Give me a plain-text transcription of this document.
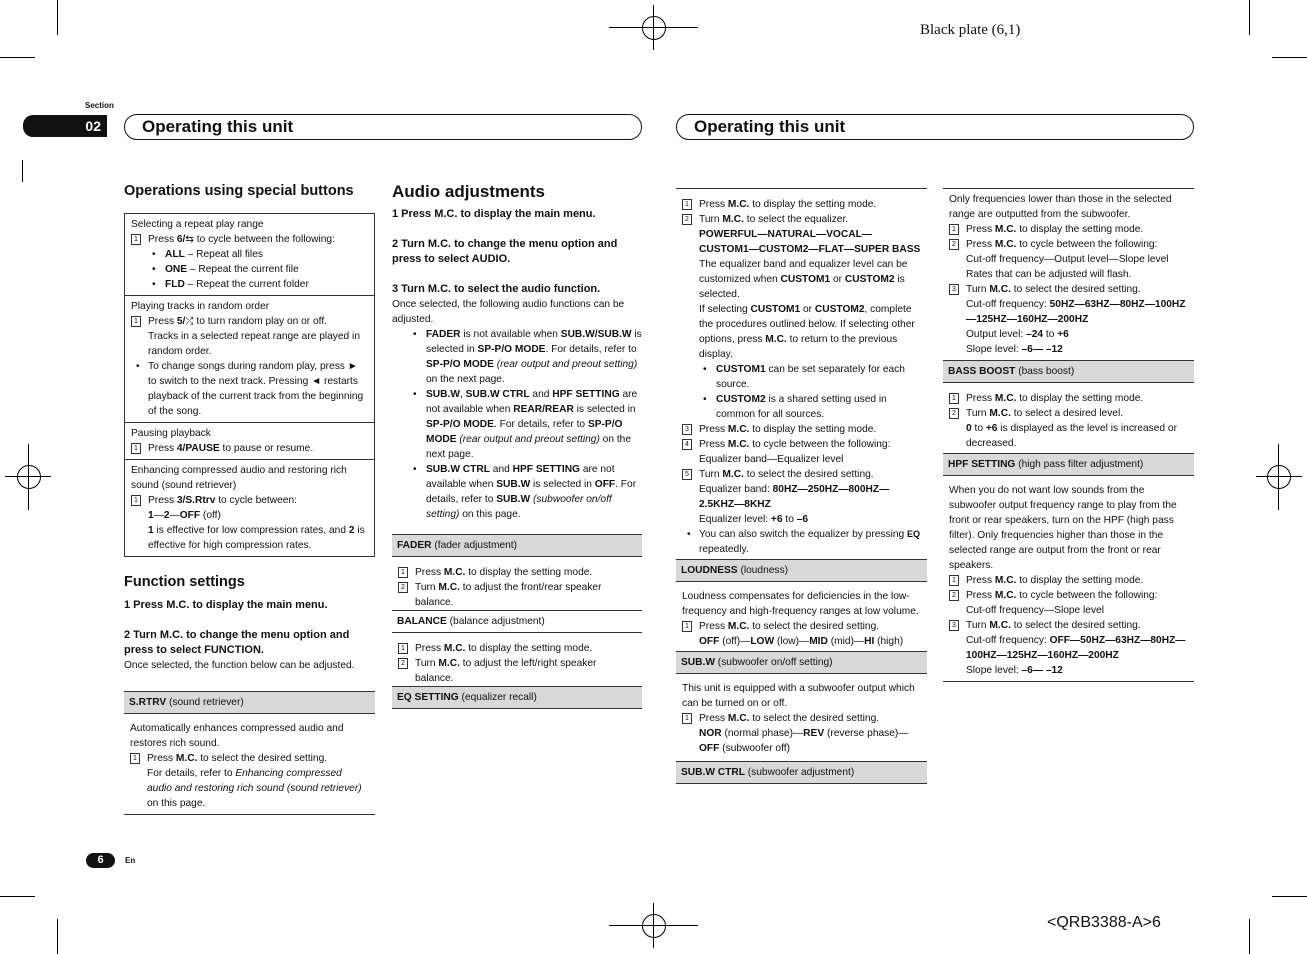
Black plate (6,1)
<QRB3388-A>6
Section
02	Operating this unit	Operating this unit
6	En
Operations using special buttons
Selecting a repeat play range
1 Press 6/⇆ to cycle between the following:
• ALL – Repeat all files
• ONE – Repeat the current file
• FLD – Repeat the current folder
Playing tracks in random order
1 Press 5/⤮ to turn random play on or off.
Tracks in a selected repeat range are played in random order.
• To change songs during random play, press ► to switch to the next track. Pressing ◄ restarts playback of the current track from the beginning of the song.
Pausing playback
1 Press 4/PAUSE to pause or resume.
Enhancing compressed audio and restoring rich sound (sound retriever)
1 Press 3/S.Rtrv to cycle between:
1—2—OFF (off)
1 is effective for low compression rates, and 2 is effective for high compression rates.
Function settings
1 Press M.C. to display the main menu.
2 Turn M.C. to change the menu option and press to select FUNCTION.
Once selected, the function below can be adjusted.
S.RTRV (sound retriever)
Automatically enhances compressed audio and restores rich sound.
1 Press M.C. to select the desired setting.
For details, refer to Enhancing compressed audio and restoring rich sound (sound retriever) on this page.
Audio adjustments
1 Press M.C. to display the main menu.
2 Turn M.C. to change the menu option and press to select AUDIO.
3 Turn M.C. to select the audio function.
Once selected, the following audio functions can be adjusted.
• FADER is not available when SUB.W/SUB.W is selected in SP-P/O MODE. For details, refer to SP-P/O MODE (rear output and preout setting) on the next page.
• SUB.W, SUB.W CTRL and HPF SETTING are not available when REAR/REAR is selected in SP-P/O MODE. For details, refer to SP-P/O MODE (rear output and preout setting) on the next page.
• SUB.W CTRL and HPF SETTING are not available when SUB.W is selected in OFF. For details, refer to SUB.W (subwoofer on/off setting) on this page.
FADER (fader adjustment)
1 Press M.C. to display the setting mode.
2 Turn M.C. to adjust the front/rear speaker balance.
BALANCE (balance adjustment)
1 Press M.C. to display the setting mode.
2 Turn M.C. to adjust the left/right speaker balance.
EQ SETTING (equalizer recall)
1 Press M.C. to display the setting mode.
2 Turn M.C. to select the equalizer.
POWERFUL—NATURAL—VOCAL—CUSTOM1—CUSTOM2—FLAT—SUPER BASS
The equalizer band and equalizer level can be customized when CUSTOM1 or CUSTOM2 is selected.
If selecting CUSTOM1 or CUSTOM2, complete the procedures outlined below. If selecting other options, press M.C. to return to the previous display.
• CUSTOM1 can be set separately for each source.
• CUSTOM2 is a shared setting used in common for all sources.
3 Press M.C. to display the setting mode.
4 Press M.C. to cycle between the following:
Equalizer band—Equalizer level
5 Turn M.C. to select the desired setting.
Equalizer band: 80HZ—250HZ—800HZ—2.5KHZ—8KHZ
Equalizer level: +6 to –6
• You can also switch the equalizer by pressing EQ repeatedly.
LOUDNESS (loudness)
Loudness compensates for deficiencies in the low-frequency and high-frequency ranges at low volume.
1 Press M.C. to select the desired setting.
OFF (off)—LOW (low)—MID (mid)—HI (high)
SUB.W (subwoofer on/off setting)
This unit is equipped with a subwoofer output which can be turned on or off.
1 Press M.C. to select the desired setting.
NOR (normal phase)—REV (reverse phase)—OFF (subwoofer off)
SUB.W CTRL (subwoofer adjustment)
Only frequencies lower than those in the selected range are outputted from the subwoofer.
1 Press M.C. to display the setting mode.
2 Press M.C. to cycle between the following:
Cut-off frequency—Output level—Slope level
Rates that can be adjusted will flash.
3 Turn M.C. to select the desired setting.
Cut-off frequency: 50HZ—63HZ—80HZ—100HZ—125HZ—160HZ—200HZ
Output level: –24 to +6
Slope level: –6— –12
BASS BOOST (bass boost)
1 Press M.C. to display the setting mode.
2 Turn M.C. to select a desired level.
0 to +6 is displayed as the level is increased or decreased.
HPF SETTING (high pass filter adjustment)
When you do not want low sounds from the subwoofer output frequency range to play from the front or rear speakers, turn on the HPF (high pass filter). Only frequencies higher than those in the selected range are output from the front or rear speakers.
1 Press M.C. to display the setting mode.
2 Press M.C. to cycle between the following:
Cut-off frequency—Slope level
3 Turn M.C. to select the desired setting.
Cut-off frequency: OFF—50HZ—63HZ—80HZ—100HZ—125HZ—160HZ—200HZ
Slope level: –6— –12
